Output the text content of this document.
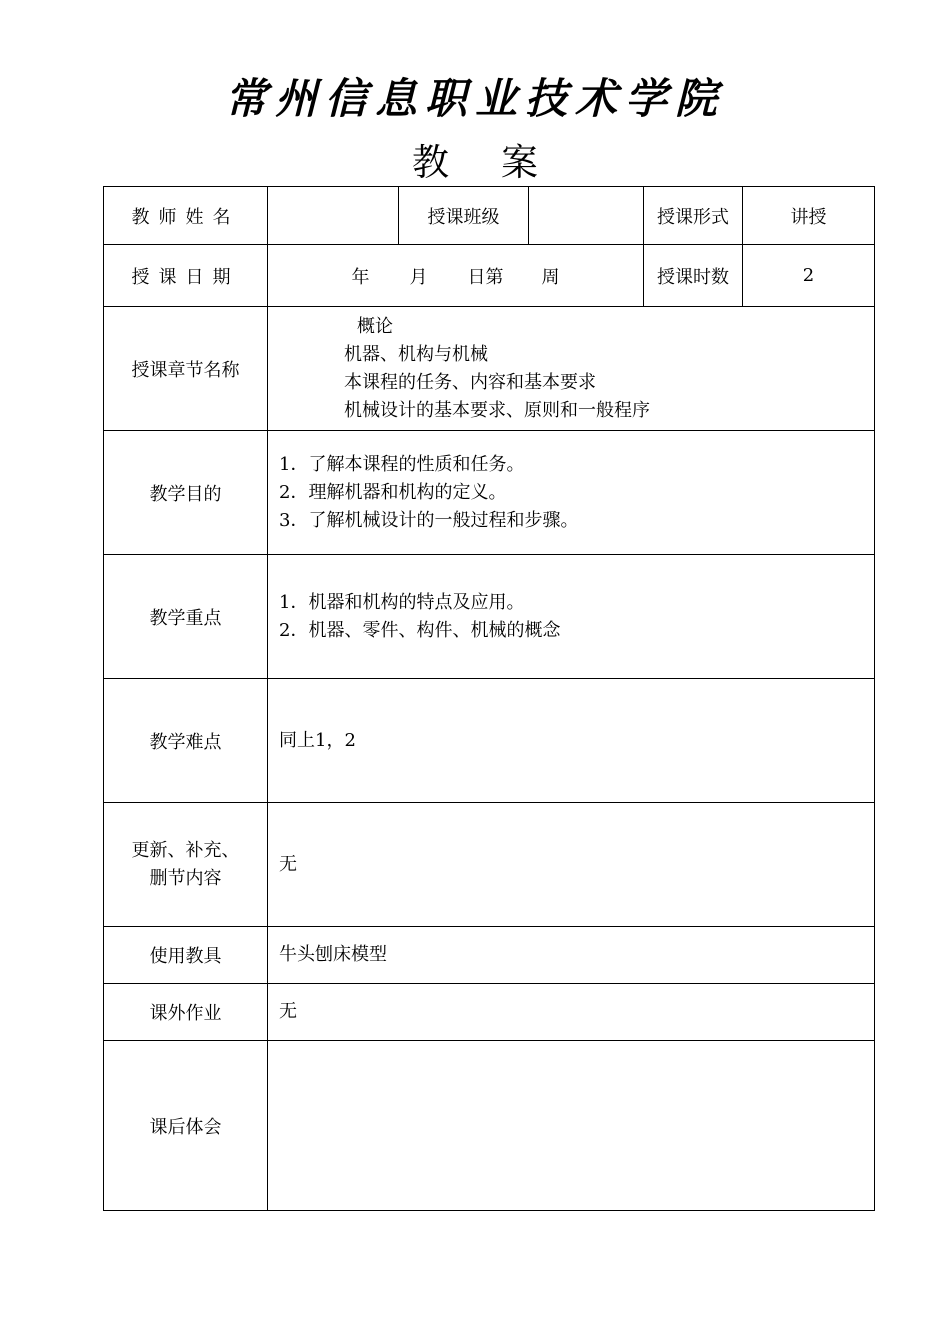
常州信息职业技术学院
教 案
教师姓名		授课班级		授课形式	讲授
授课日期	年 月 日第 周			授课时数	2
授课章节名称	概论
机器、机构与机械
本课程的任务、内容和基本要求
机械设计的基本要求、原则和一般程序				

教学目的	1．了解本课程的性质和任务。
2．理解机器和机构的定义。
3．了解机械设计的一般过程和步骤。				

教学重点	1．机器和机构的特点及应用。
2．机器、零件、构件、机械的概念				

教学难点	同上1，2				

更新、补充、
删节内容	无				
使用教具	牛头刨床模型				
课外作业	无				
课后体会					
